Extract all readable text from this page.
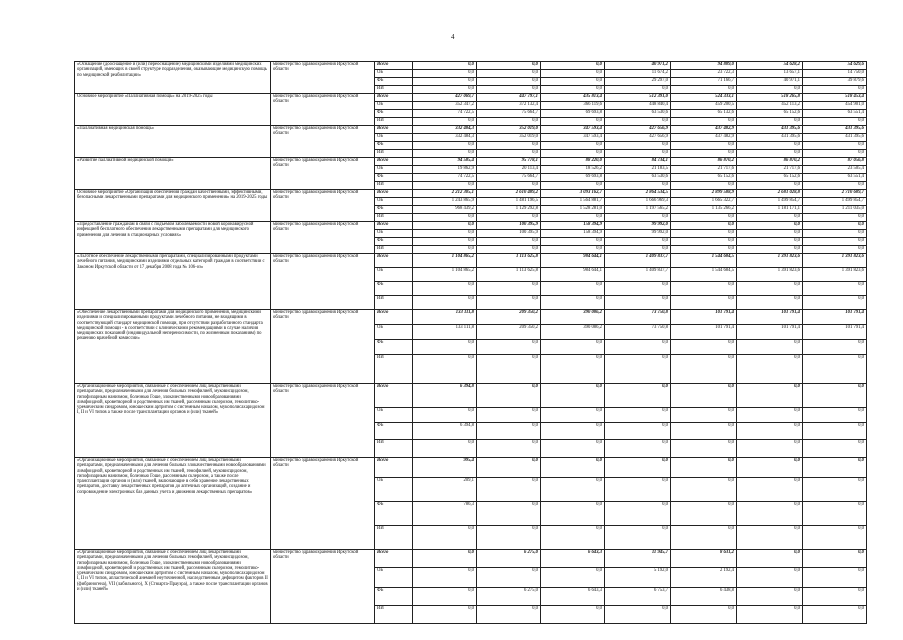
4
«Оснащение (дооснащение и (или) переоснащение) медицинскими изделиями медицинских организаций, имеющих в своей структуре подразделения, оказывающие медицинскую помощь по медицинской реабилитации»	министерство здравоохранения Иркутской области	Всего	0,0	0,0	0,0	40 971,2	94 889,0	54 628,2	54 629,6
		ОБ	0,0	0,0	0,0	11 674,2	23 722,3	13 657,1	14 750,0
		ФБ	0,0	0,0	0,0	29 297,0	71 166,7	40 971,1	39 879,6
		ИИ	0,0	0,0	0,0	0,0	0,0	0,0	0,0
Основное мероприятие «Паллиативная помощь» на 2019-2025 годы	министерство здравоохранения Иркутской области	Всего	427 069,7	447 797,1	435 813,4	512 391,0	524 333,1	518 265,8	518 453,4
		ОБ	352 347,2	372 132,4	366 119,6	448 840,4	459 200,5	452 113,2	454 901,0
		ФБ	74 722,5	75 664,7	69 693,8	63 530,6	65 132,6	65 152,6	63 551,4
		ИИ	0,0	0,0	0,0	0,0	0,0	0,0	0,0
«Паллиативная медицинская помощь»	министерство здравоохранения Иркутской области	Всего	332 484,3	352 019,0	347 593,4	427 656,9	437 482,9	431 395,6	431 395,6
		ОБ	332 484,3	352 019,0	347 593,4	427 656,9	437 482,9	431 395,6	431 395,6
		ФБ	0,0	0,0	0,0	0,0	0,0	0,0	0,0
		ИИ	0,0	0,0	0,0	0,0	0,0	0,0	0,0
«Развитие паллиативной медицинской помощи»	министерство здравоохранения Иркутской области	Всего	94 585,4	95 778,1	88 220,0	84 734,1	86 870,2	86 870,2	87 056,8
		ОБ	19 862,9	20 113,4	18 526,2	21 183,5	21 717,6	21 717,6	23 505,4
		ФБ	74 722,5	75 664,7	69 693,8	63 530,6	65 152,6	65 152,6	63 551,4
		ИИ	0,0	0,0	0,0	0,0	0,0	0,0	0,0
Основное мероприятие «Организация обеспечения граждан качественными, эффективными, безопасными лекарственными препаратами для медицинского применения» на 2019-2025 годы	министерство здравоохранения Иркутской области	Всего	2 212 305,1	2 610 489,2	3 093 162,7	2 864 534,5	2 899 588,9	2 681 028,8	2 710 689,7
		ОБ	1 243 865,9	1 481 196,5	1 564 881,7	1 666 969,3	1 665 322,7	1 499 854,7	1 499 854,7
		ФБ	968 439,2	1 129 292,8	1 528 281,0	1 197 565,2	1 135 266,2	1 181 171,1	1 211 035,0
		ИИ	0,0	0,0	0,0	0,0	0,0	0,0	0,0
«Предоставление гражданам в связи с подъемом заболеваемости новой коронавирусной инфекцией бесплатного обеспечения лекарственными препаратами для медицинского применения для лечения в стационарных условиях»	министерство здравоохранения Иркутской области	Всего	0,0	100 395,9	158 394,9	99 992,0	0,0	0,0	0,0
		ОБ	0,0	100 395,9	158 394,9	99 992,0	0,0	0,0	0,0
		ФБ	0,0	0,0	0,0	0,0	0,0	0,0	0,0
		ИИ	0,0	0,0	0,0	0,0	0,0	0,0	0,0
«Льготное обеспечение лекарственными препаратами, специализированными продуктами лечебного питания, медицинскими изделиями отдельных категорий граждан в соответствии с Законом Иркутской области от 17 декабря 2008 года № 106-оз»	министерство здравоохранения Иркутской области	Всего	1 104 865,2	1 113 625,8	984 644,1	1 409 837,7	1 544 684,5	1 391 823,6	1 391 823,6
		ОБ	1 104 865,2	1 113 625,8	984 644,1	1 409 837,7	1 544 684,5	1 391 823,6	1 391 823,6
		ФБ	0,0	0,0	0,0	0,0	0,0	0,0	0,0
		ИИ	0,0	0,0	0,0	0,0	0,0	0,0	0,0
«Обеспечение лекарственными препаратами для медицинского применения, медицинскими изделиями и специализированными продуктами лечебного питания, не входящими в соответствующий стандарт медицинской помощи, при отсутствии разработанного стандарта медицинской помощи - в соответствии с клиническими рекомендациями в случае наличия медицинских показаний (индивидуальной непереносимости, по жизненным показаниям) по решению врачебной комиссии»	министерство здравоохранения Иркутской области	Всего	133 111,8	209 350,2	390 086,2	73 750,8	101 791,4	101 791,4	101 791,4
		ОБ	133 111,8	209 350,2	390 086,2	73 750,8	101 791,4	101 791,4	101 791,4
		ФБ	0,0	0,0	0,0	0,0	0,0	0,0	0,0
		ИИ	0,0	0,0	0,0	0,0	0,0	0,0	0,0
«Организационные мероприятия, связанные с обеспечением лиц лекарственными препаратами, предназначенными для лечения больных гемофилией, муковисцидозом, гипофизарным нанизмом, болезнью Гоше, злокачественными новообразованиями лимфоидной, кроветворной и родственных им тканей, рассеянным склерозом, гемолитико-уремическим синдромом, юношеским артритом с системным началом, мукополисахаридозом I, II и VI типов а также после трансплантации органов и (или) тканей»	министерство здравоохранения Иркутской области	Всего	6 394,8	0,0	0,0	0,0	0,0	0,0	0,0
		ОБ	0,0	0,0	0,0	0,0	0,0	0,0	0,0
		ФБ	6 394,8	0,0	0,0	0,0	0,0	0,0	0,0
		ИИ	0,0	0,0	0,0	0,0	0,0	0,0	0,0
«Организационные мероприятия, связанные с обеспечением лиц лекарственными препаратами, предназначенными для лечения больных злокачественными новообразованиями лимфоидной, кроветворной и родственных им тканей, гемофилией, муковисцидозом, гипофизарным нанизмом, болезнью Гоше, рассеянным склерозом, а также после трансплантации органов и (или) тканей, включающие в себя хранение лекарственных препаратов, доставку лекарственных препаратов до аптечных организаций, создание и сопровождение электронных баз данных учета и движения лекарственных препаратов»	министерство здравоохранения Иркутской области	Всего	995,4	0,0	0,0	0,0	0,0	0,0	0,0
		ОБ	209,1	0,0	0,0	0,0	0,0	0,0	0,0
		ФБ	786,3	0,0	0,0	0,0	0,0	0,0	0,0
		ИИ	0,0	0,0	0,0	0,0	0,0	0,0	0,0
«Организационные мероприятия, связанные с обеспечением лиц лекарственными препаратами, предназначенными для лечения больных гемофилией, муковисцидозом, гипофизарным нанизмом, болезнью Гоше, злокачественными новообразованиями лимфоидной, кроветворной и родственных им тканей, рассеянным склерозом, гемолитико-уремическим синдромом, юношеским артритом с системным началом, мукополисахаридозом I, II и VI типов, апластической анемией неуточненной, наследственным дефицитом факторов II (фибриногена), VII (лабильного), X (Стюарта-Прауэра), а также после трансплантации органов и (или) тканей»	министерство здравоохранения Иркутской области	Всего	0,0	6 275,0	6 643,3	11 945,7	8 631,2	0,0	0,0
		ОБ	0,0	0,0	0,0	5 192,0	2 192,4	0,0	0,0
		ФБ	0,0	6 275,0	6 643,3	6 753,7	6 438,8	0,0	0,0
		ИИ	0,0	0,0	0,0	0,0	0,0	0,0	0,0
